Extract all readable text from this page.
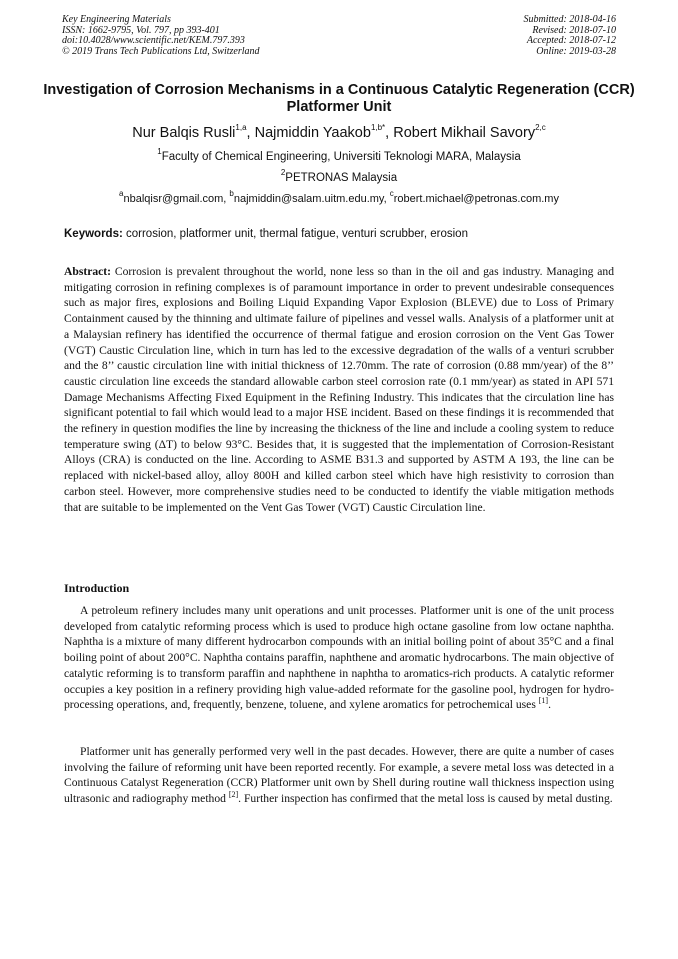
Key Engineering Materials
ISSN: 1662-9795, Vol. 797, pp 393-401
doi:10.4028/www.scientific.net/KEM.797.393
© 2019 Trans Tech Publications Ltd, Switzerland
Submitted: 2018-04-16
Revised: 2018-07-10
Accepted: 2018-07-12
Online: 2019-03-28
Investigation of Corrosion Mechanisms in a Continuous Catalytic Regeneration (CCR) Platformer Unit
Nur Balqis Rusli$^{1,a}$, Najmiddin Yaakob$^{1,b*}$, Robert Mikhail Savory$^{2,c}$
$^1$Faculty of Chemical Engineering, Universiti Teknologi MARA, Malaysia
$^2$PETRONAS Malaysia
$^a$nbalqisr@gmail.com, $^b$najmiddin@salam.uitm.edu.my, $^c$robert.michael@petronas.com.my
Keywords: corrosion, platformer unit, thermal fatigue, venturi scrubber, erosion
Abstract: Corrosion is prevalent throughout the world, none less so than in the oil and gas industry. Managing and mitigating corrosion in refining complexes is of paramount importance in order to prevent undesirable consequences such as major fires, explosions and Boiling Liquid Expanding Vapor Explosion (BLEVE) due to Loss of Primary Containment caused by the thinning and ultimate failure of pipelines and vessel walls. Analysis of a platformer unit at a Malaysian refinery has identified the occurrence of thermal fatigue and erosion corrosion on the Vent Gas Tower (VGT) Caustic Circulation line, which in turn has led to the excessive degradation of the walls of a venturi scrubber and the 8’’ caustic circulation line with initial thickness of 12.70mm. The rate of corrosion (0.88 mm/year) of the 8’’ caustic circulation line exceeds the standard allowable carbon steel corrosion rate (0.1 mm/year) as stated in API 571 Damage Mechanisms Affecting Fixed Equipment in the Refining Industry. This indicates that the circulation line has significant potential to fail which would lead to a major HSE incident. Based on these findings it is recommended that the refinery in question modifies the line by increasing the thickness of the line and include a cooling system to reduce temperature swing (ΔT) to below 93°C. Besides that, it is suggested that the implementation of Corrosion-Resistant Alloys (CRA) is conducted on the line. According to ASME B31.3 and supported by ASTM A 193, the line can be replaced with nickel-based alloy, alloy 800H and killed carbon steel which have high resistivity to corrosion than carbon steel. However, more comprehensive studies need to be conducted to identify the viable mitigation methods that are suitable to be implemented on the Vent Gas Tower (VGT) Caustic Circulation line.
Introduction
A petroleum refinery includes many unit operations and unit processes. Platformer unit is one of the unit process developed from catalytic reforming process which is used to produce high octane gasoline from low octane naphtha. Naphtha is a mixture of many different hydrocarbon compounds with an initial boiling point of about 35°C and a final boiling point of about 200°C. Naphtha contains paraffin, naphthene and aromatic hydrocarbons. The main objective of catalytic reforming is to transform paraffin and naphthene in naphtha to aromatics-rich products. A catalytic reformer occupies a key position in a refinery providing high value-added reformate for the gasoline pool, hydrogen for hydro-processing operations, and, frequently, benzene, toluene, and xylene aromatics for petrochemical uses [1].
Platformer unit has generally performed very well in the past decades. However, there are quite a number of cases involving the failure of reforming unit have been reported recently. For example, a severe metal loss was detected in a Continuous Catalyst Regeneration (CCR) Platformer unit own by Shell during routine wall thickness inspection using ultrasonic and radiography method [2]. Further inspection has confirmed that the metal loss is caused by metal dusting.
